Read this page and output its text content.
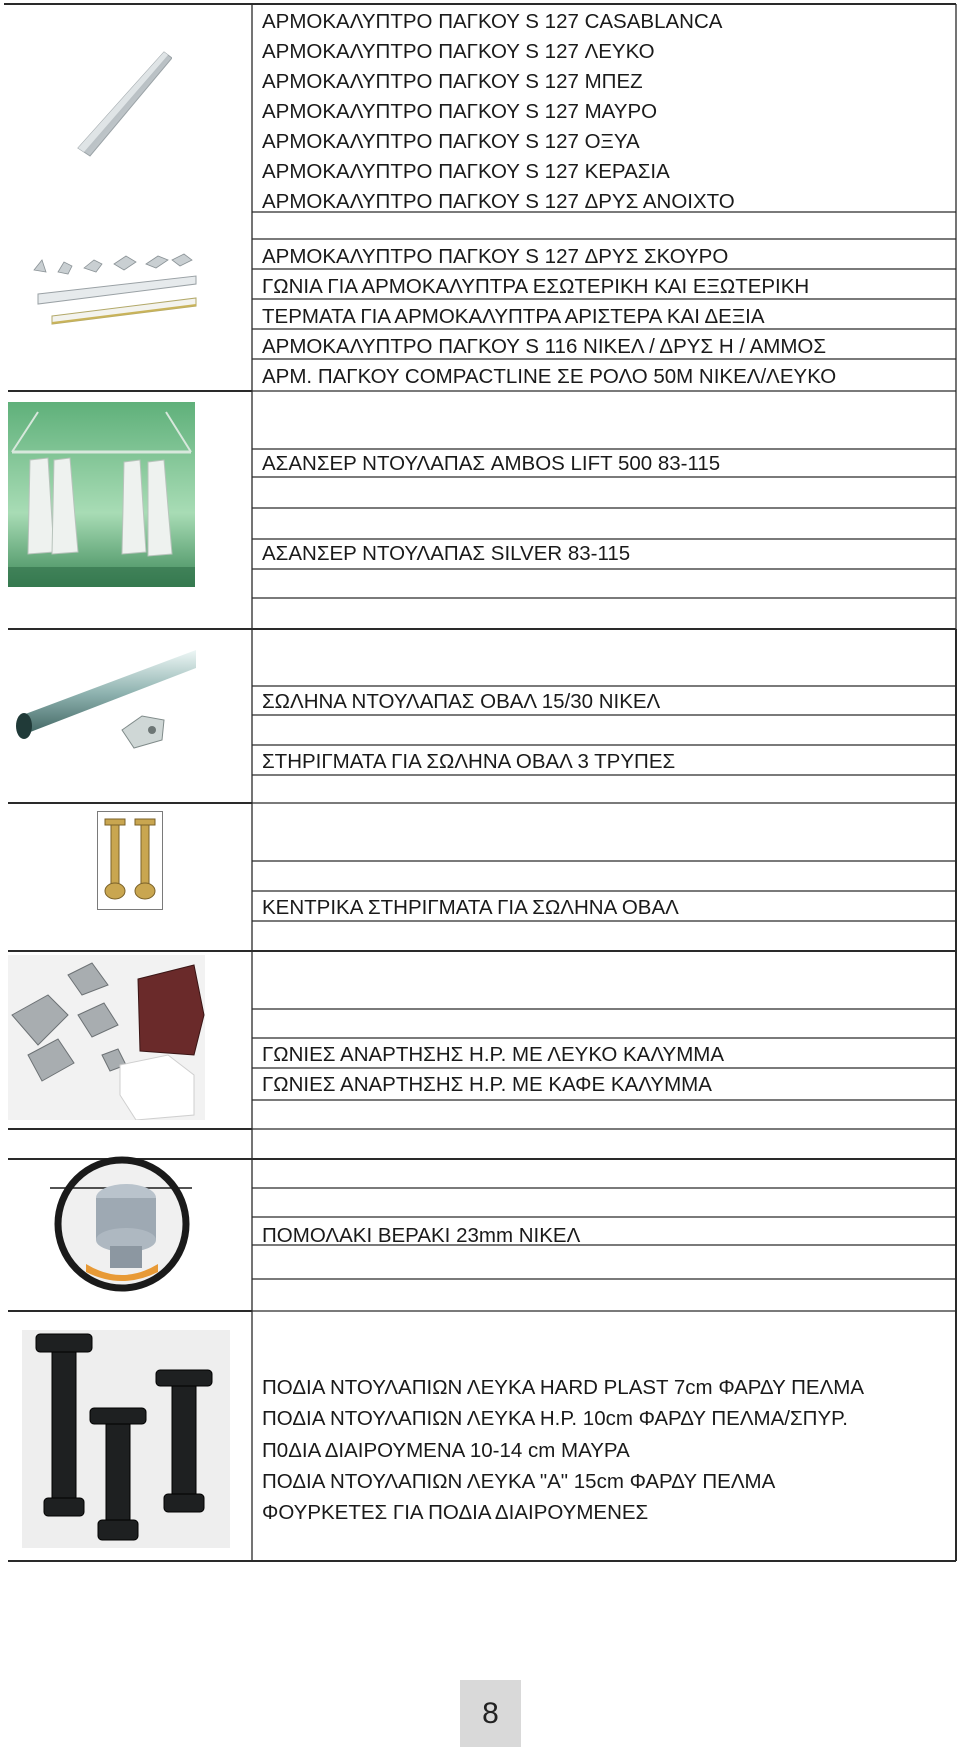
ΑΡΜΟΚΑΛΥΠΤΡΟ ΠΑΓΚΟΥ S 127 CASABLANCA
ΑΡΜΟΚΑΛΥΠΤΡΟ ΠΑΓΚΟΥ S 127 ΛΕΥΚΟ
ΑΡΜΟΚΑΛΥΠΤΡΟ ΠΑΓΚΟΥ S 127 ΜΠΕΖ
ΑΡΜΟΚΑΛΥΠΤΡΟ ΠΑΓΚΟΥ S 127 ΜΑΥΡΟ
ΑΡΜΟΚΑΛΥΠΤΡΟ ΠΑΓΚΟΥ S 127 ΟΞΥΑ
ΑΡΜΟΚΑΛΥΠΤΡΟ ΠΑΓΚΟΥ S 127 ΚΕΡΑΣΙΑ
ΑΡΜΟΚΑΛΥΠΤΡΟ ΠΑΓΚΟΥ S 127 ΔΡΥΣ ΑΝΟΙΧΤΟ
ΑΡΜΟΚΑΛΥΠΤΡΟ ΠΑΓΚΟΥ S 127 ΔΡΥΣ ΣΚΟΥΡΟ
ΓΩΝΙΑ ΓΙΑ ΑΡΜΟΚΑΛΥΠΤΡΑ ΕΣΩΤΕΡΙΚΗ ΚΑΙ ΕΞΩΤΕΡΙΚΗ
ΤΕΡΜΑΤΑ ΓΙΑ ΑΡΜΟΚΑΛΥΠΤΡΑ ΑΡΙΣΤΕΡΑ ΚΑΙ ΔΕΞΙΑ
ΑΡΜΟΚΑΛΥΠΤΡΟ ΠΑΓΚΟΥ S 116 ΝΙΚΕΛ / ΔΡΥΣ Η / ΑΜΜΟΣ
ΑΡΜ. ΠΑΓΚΟΥ COMPACTLINE ΣΕ ΡΟΛΟ 50Μ ΝΙΚΕΛ/ΛΕΥΚΟ
ΑΣΑΝΣΕΡ ΝΤΟΥΛΑΠΑΣ AMBOS LIFT 500 83-115
ΑΣΑΝΣΕΡ ΝΤΟΥΛΑΠΑΣ SILVER 83-115
ΣΩΛΗΝΑ ΝΤΟΥΛΑΠΑΣ ΟΒΑΛ 15/30 ΝΙΚΕΛ
ΣΤΗΡΙΓΜΑΤΑ ΓΙΑ ΣΩΛΗΝΑ ΟΒΑΛ 3 ΤΡΥΠΕΣ
ΚΕΝΤΡΙΚΑ ΣΤΗΡΙΓΜΑΤΑ ΓΙΑ ΣΩΛΗΝΑ ΟΒΑΛ
ΓΩΝΙΕΣ ΑΝΑΡΤΗΣΗΣ Η.Ρ. ΜΕ ΛΕΥΚΟ ΚΑΛΥΜΜΑ
ΓΩΝΙΕΣ ΑΝΑΡΤΗΣΗΣ Η.Ρ. ΜΕ ΚΑΦΕ ΚΑΛΥΜΜΑ
ΠΟΜΟΛΑΚΙ ΒΕΡΑΚΙ 23mm ΝΙΚΕΛ
ΠΟΔΙΑ ΝΤΟΥΛΑΠΙΩΝ ΛΕΥΚΑ HARD PLAST 7cm ΦΑΡΔΥ ΠΕΛΜΑ
ΠΟΔΙΑ ΝΤΟΥΛΑΠΙΩΝ ΛΕΥΚΑ Η.Ρ. 10cm ΦΑΡΔΥ ΠΕΛΜΑ/ΣΠΥΡ.
Π0ΔΙΑ ΔΙΑΙΡΟΥΜΕΝΑ 10-14 cm ΜΑΥΡΑ
ΠΟΔΙΑ ΝΤΟΥΛΑΠΙΩΝ ΛΕΥΚΑ "Α" 15cm ΦΑΡΔΥ ΠΕΛΜΑ
ΦΟΥΡΚΕΤΕΣ ΓΙΑ ΠΟΔΙΑ ΔΙΑΙΡΟΥΜΕΝΕΣ
8
